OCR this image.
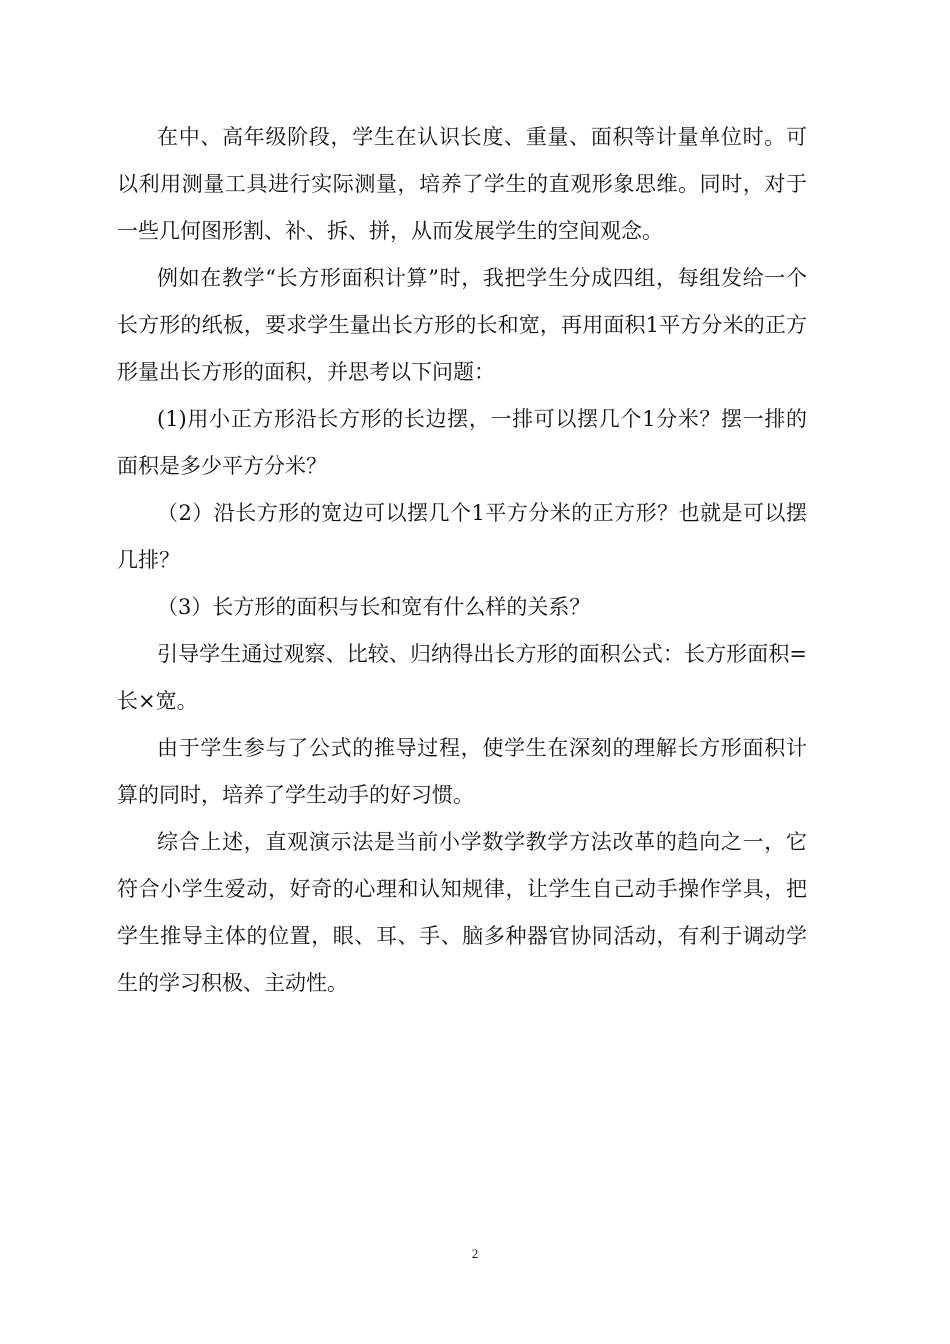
在中、高年级阶段，学生在认识长度、重量、面积等计量单位时。可以利用测量工具进行实际测量，培养了学生的直观形象思维。同时，对于一些几何图形割、补、拆、拼，从而发展学生的空间观念。

例如在教学“长方形面积计算”时，我把学生分成四组，每组发给一个长方形的纸板，要求学生量出长方形的长和宽，再用面积1平方分米的正方形量出长方形的面积，并思考以下问题：

(1)用小正方形沿长方形的长边摆，一排可以摆几个1分米？摆一排的面积是多少平方分米？

（2）沿长方形的宽边可以摆几个1平方分米的正方形？也就是可以摆几排？

（3）长方形的面积与长和宽有什么样的关系？

引导学生通过观察、比较、归纳得出长方形的面积公式：长方形面积=长×宽。

由于学生参与了公式的推导过程，使学生在深刻的理解长方形面积计算的同时，培养了学生动手的好习惯。

综合上述，直观演示法是当前小学数学教学方法改革的趋向之一，它符合小学生爱动，好奇的心理和认知规律，让学生自己动手操作学具，把学生推导主体的位置，眼、耳、手、脑多种器官协同活动，有利于调动学生的学习积极、主动性。

2
